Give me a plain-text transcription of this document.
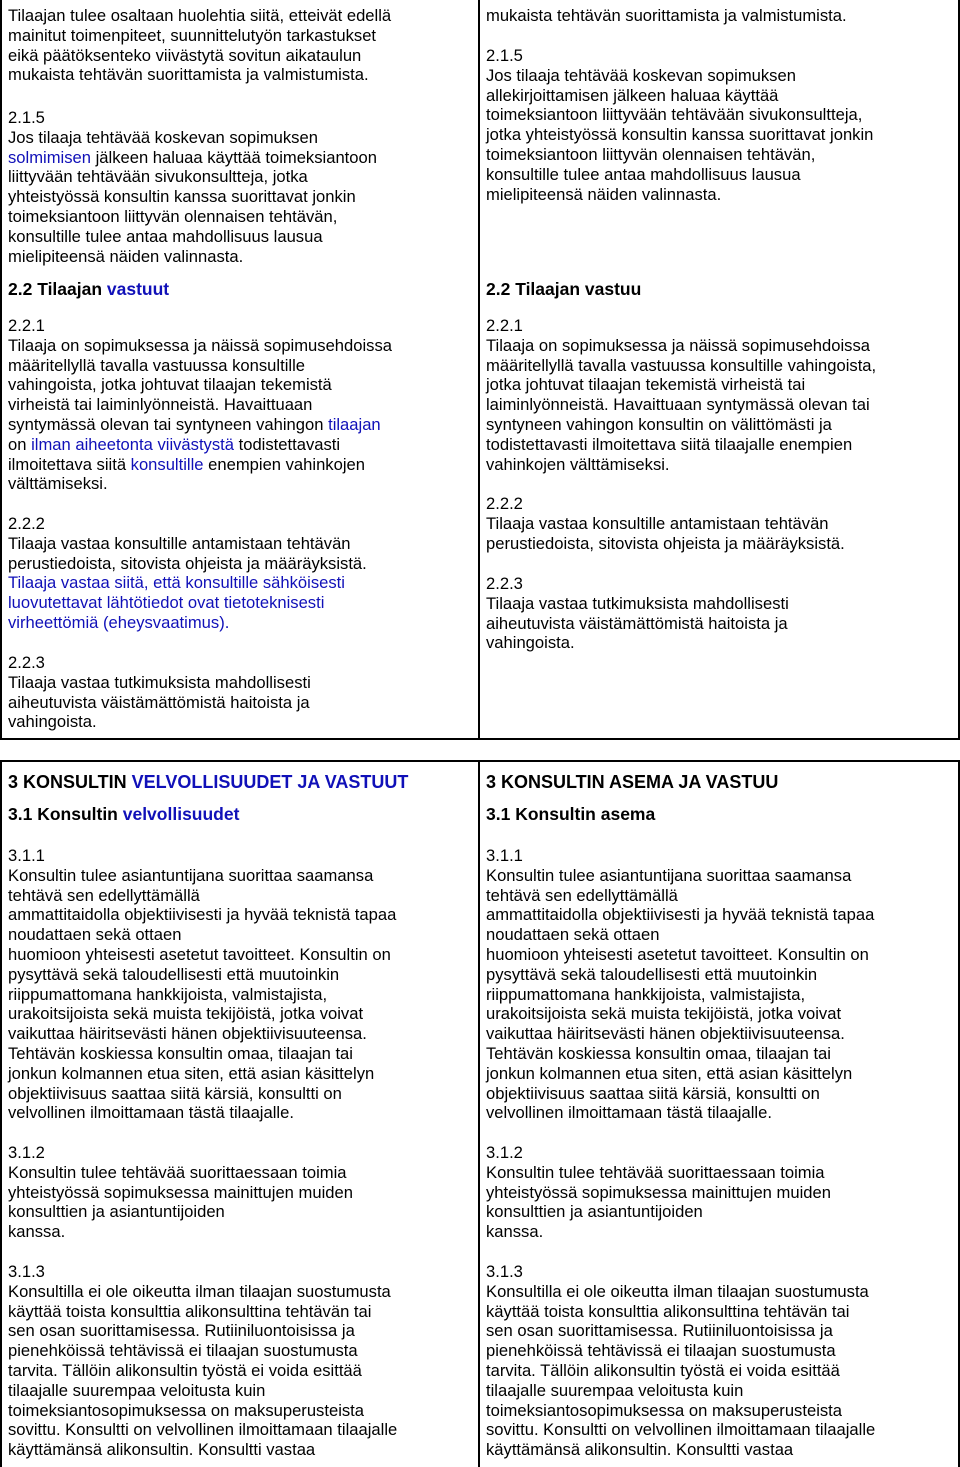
Tilaajan tulee osaltaan huolehtia siitä, etteivät edellä

mainitut toimenpiteet, suunnittelutyön tarkastukset

eikä päätöksenteko viivästytä sovitun aikataulun

mukaista tehtävän suorittamista ja valmistumista.

2.1.5

Jos tilaaja tehtävää koskevan sopimuksen

solmimisen jälkeen haluaa käyttää toimeksiantoon

liittyvään tehtävään sivukonsultteja, jotka

yhteistyössä konsultin kanssa suorittavat jonkin

toimeksiantoon liittyvän olennaisen tehtävän,

konsultille tulee antaa mahdollisuus lausua

mielipiteensä näiden valinnasta.

2.2 Tilaajan vastuut

2.2.1

Tilaaja on sopimuksessa ja näissä sopimusehdoissa

määritellyllä tavalla vastuussa konsultille

vahingoista, jotka johtuvat tilaajan tekemistä

virheistä tai laiminlyönneistä. Havaittuaan

syntymässä olevan tai syntyneen vahingon tilaajan

on ilman aiheetonta viivästystä todistettavasti

ilmoitettava siitä konsultille enempien vahinkojen

välttämiseksi.

2.2.2

Tilaaja vastaa konsultille antamistaan tehtävän

perustiedoista, sitovista ohjeista ja määräyksistä.

Tilaaja vastaa siitä, että konsultille sähköisesti

luovutettavat lähtötiedot ovat tietoteknisesti

virheettömiä (eheysvaatimus).

2.2.3

Tilaaja vastaa tutkimuksista mahdollisesti

aiheutuvista väistämättömistä haitoista ja

vahingoista.

mukaista tehtävän suorittamista ja valmistumista.

2.1.5

Jos tilaaja tehtävää koskevan sopimuksen

allekirjoittamisen jälkeen haluaa käyttää

toimeksiantoon liittyvään tehtävään sivukonsultteja,

jotka yhteistyössä konsultin kanssa suorittavat jonkin

toimeksiantoon liittyvän olennaisen tehtävän,

konsultille tulee antaa mahdollisuus lausua

mielipiteensä näiden valinnasta.

2.2 Tilaajan vastuu

2.2.1

Tilaaja on sopimuksessa ja näissä sopimusehdoissa

määritellyllä tavalla vastuussa konsultille vahingoista,

jotka johtuvat tilaajan tekemistä virheistä tai

laiminlyönneistä. Havaittuaan syntymässä olevan tai

syntyneen vahingon konsultin on välittömästi ja

todistettavasti ilmoitettava siitä tilaajalle enempien

vahinkojen välttämiseksi.

2.2.2

Tilaaja vastaa konsultille antamistaan tehtävän

perustiedoista, sitovista ohjeista ja määräyksistä.

2.2.3

Tilaaja vastaa tutkimuksista mahdollisesti

aiheutuvista väistämättömistä haitoista ja

vahingoista.

3 KONSULTIN VELVOLLISUUDET JA VASTUUT

3.1 Konsultin velvollisuudet

3.1.1

Konsultin tulee asiantuntijana suorittaa saamansa

tehtävä sen edellyttämällä

ammattitaidolla objektiivisesti ja hyvää teknistä tapaa

noudattaen sekä ottaen

huomioon yhteisesti asetetut tavoitteet. Konsultin on

pysyttävä sekä taloudellisesti että muutoinkin

riippumattomana hankkijoista, valmistajista,

urakoitsijoista sekä muista tekijöistä, jotka voivat

vaikuttaa häiritsevästi hänen objektiivisuuteensa.

Tehtävän koskiessa konsultin omaa, tilaajan tai

jonkun kolmannen etua siten, että asian käsittelyn

objektiivisuus saattaa siitä kärsiä, konsultti on

velvollinen ilmoittamaan tästä tilaajalle.

3.1.2

Konsultin tulee tehtävää suorittaessaan toimia

yhteistyössä sopimuksessa mainittujen muiden

konsulttien ja asiantuntijoiden

kanssa.

3.1.3

Konsultilla ei ole oikeutta ilman tilaajan suostumusta

käyttää toista konsulttia alikonsulttina tehtävän tai

sen osan suorittamisessa. Rutiiniluontoisissa ja

pienehköissä tehtävissä ei tilaajan suostumusta

tarvita. Tällöin alikonsultin työstä ei voida esittää

tilaajalle suurempaa veloitusta kuin

toimeksiantosopimuksessa on maksuperusteista

sovittu. Konsultti on velvollinen ilmoittamaan tilaajalle

käyttämänsä alikonsultin. Konsultti vastaa

3 KONSULTIN ASEMA JA VASTUU

3.1 Konsultin asema

3.1.1

Konsultin tulee asiantuntijana suorittaa saamansa

tehtävä sen edellyttämällä

ammattitaidolla objektiivisesti ja hyvää teknistä tapaa

noudattaen sekä ottaen

huomioon yhteisesti asetetut tavoitteet. Konsultin on

pysyttävä sekä taloudellisesti että muutoinkin

riippumattomana hankkijoista, valmistajista,

urakoitsijoista sekä muista tekijöistä, jotka voivat

vaikuttaa häiritsevästi hänen objektiivisuuteensa.

Tehtävän koskiessa konsultin omaa, tilaajan tai

jonkun kolmannen etua siten, että asian käsittelyn

objektiivisuus saattaa siitä kärsiä, konsultti on

velvollinen ilmoittamaan tästä tilaajalle.

3.1.2

Konsultin tulee tehtävää suorittaessaan toimia

yhteistyössä sopimuksessa mainittujen muiden

konsulttien ja asiantuntijoiden

kanssa.

3.1.3

Konsultilla ei ole oikeutta ilman tilaajan suostumusta

käyttää toista konsulttia alikonsulttina tehtävän tai

sen osan suorittamisessa. Rutiiniluontoisissa ja

pienehköissä tehtävissä ei tilaajan suostumusta

tarvita. Tällöin alikonsultin työstä ei voida esittää

tilaajalle suurempaa veloitusta kuin

toimeksiantosopimuksessa on maksuperusteista

sovittu. Konsultti on velvollinen ilmoittamaan tilaajalle

käyttämänsä alikonsultin. Konsultti vastaa
